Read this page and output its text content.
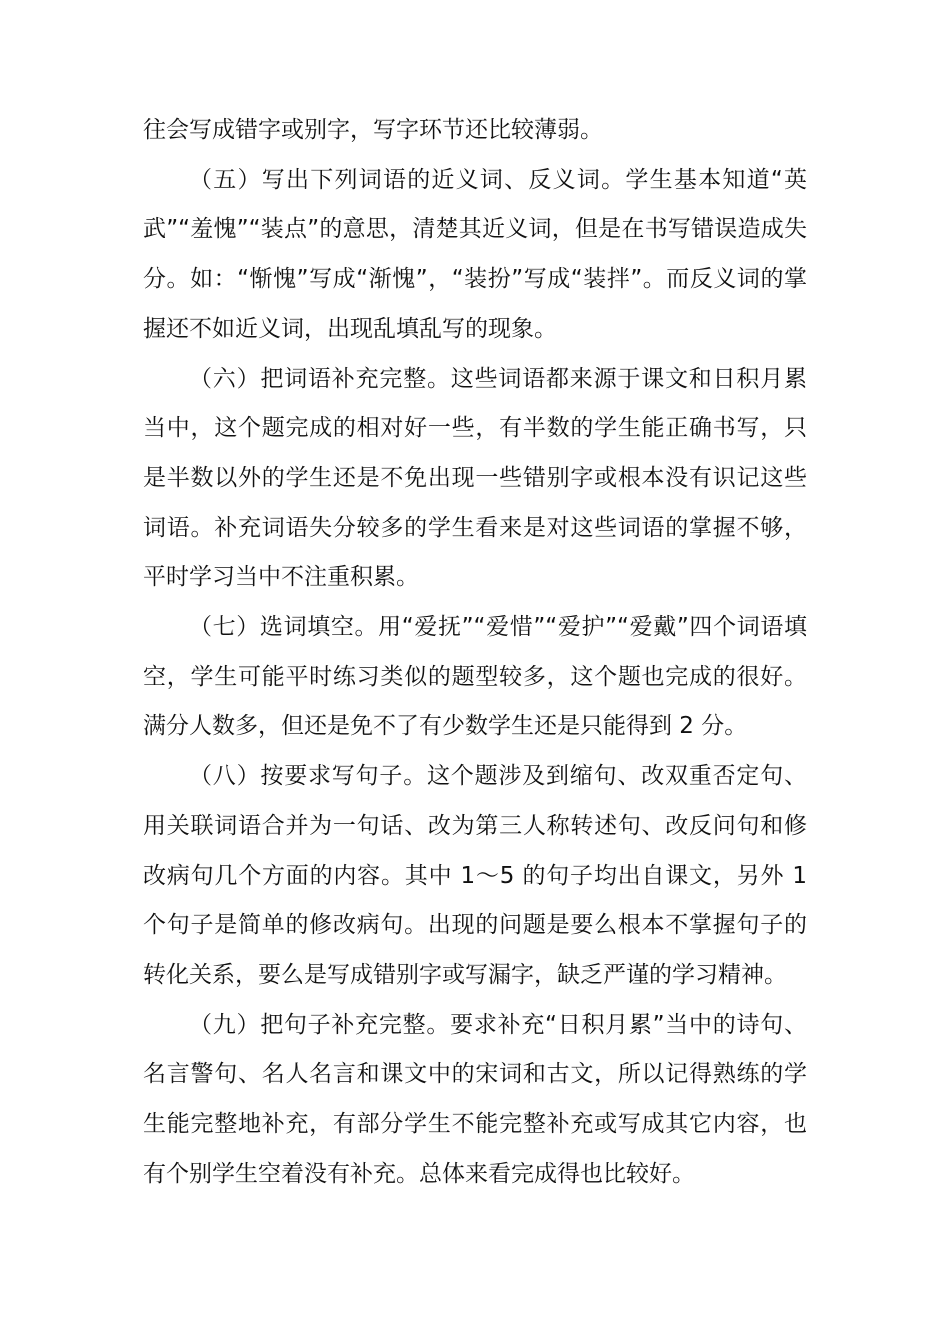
往会写成错字或别字，写字环节还比较薄弱。

（五）写出下列词语的近义词、反义词。学生基本知道“英武”“羞愧”“装点”的意思，清楚其近义词，但是在书写错误造成失分。如：“惭愧”写成“渐愧”，“装扮”写成“装拌”。而反义词的掌握还不如近义词，出现乱填乱写的现象。

（六）把词语补充完整。这些词语都来源于课文和日积月累当中，这个题完成的相对好一些，有半数的学生能正确书写，只是半数以外的学生还是不免出现一些错别字或根本没有识记这些词语。补充词语失分较多的学生看来是对这些词语的掌握不够，平时学习当中不注重积累。

（七）选词填空。用“爱抚”“爱惜”“爱护”“爱戴”四个词语填空，学生可能平时练习类似的题型较多，这个题也完成的很好。满分人数多，但还是免不了有少数学生还是只能得到 2 分。

（八）按要求写句子。这个题涉及到缩句、改双重否定句、用关联词语合并为一句话、改为第三人称转述句、改反问句和修改病句几个方面的内容。其中 1～5 的句子均出自课文，另外 1 个句子是简单的修改病句。出现的问题是要么根本不掌握句子的转化关系，要么是写成错别字或写漏字，缺乏严谨的学习精神。

（九）把句子补充完整。要求补充“日积月累”当中的诗句、名言警句、名人名言和课文中的宋词和古文，所以记得熟练的学生能完整地补充，有部分学生不能完整补充或写成其它内容，也有个别学生空着没有补充。总体来看完成得也比较好。
